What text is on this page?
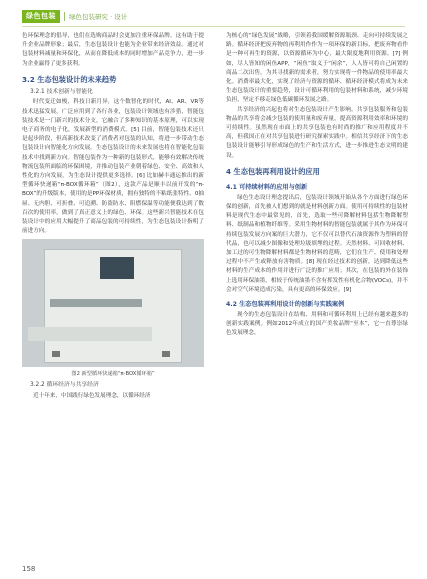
绿色包装	绿色包装研究 · 设计

色环保理念的倡导，也们在选购商品时会更加注重环保品牌。这有助于提升企业品牌形象；最后，生态包装设计也能为企业带来经济效益。通过对包装材料减量和环保化，从而在降低成本的同时增加产品竞争力，进一步为企业赢得了更多获利。

3.2 生态包装设计的未来趋势
3.2.1 技术创新与智能化

时代变迁如梭，科技日新月异，这个数智化的时代，AI、AR、VR等技术迅猛发展，广泛应用到了各行各业，包装设计领域也有涉猎，智能包装技术是一门新兴的技术分支，它融合了多种知识的基本原理，可以实现电子商务的电子化，发展新型的消费模式。[5] 目前，智能包装技术还只是起步阶段，但高新技术改变了消费者对包装的认知，将进一步带动生态包装设计向智能化方向发展。生态包装设计的未来发展也将在智能化包装技术中找到新方向。智能包装作为一种新的包装形式，能够有效解决传统物流包装所面临的环保困境，并推动包装产业朝着绿色、安全、高效和人性化的方向发展。为生态设计提供更多选择。[6] 比如赫丰通运推出的新型循环快递箱“π-BOX循环箱”（图2），这款产品是顺丰以前开发的“π-BOX”的升级版本，使用的是PP环保材质，拥有独特的不粘纸张特性、0抽屉、无内胆、可折叠、可追溯、防盗防水、阻燃保温等功能便我达到了数百次的使用率，做到了真正意义上的绿色、环保。这些新兴智能技术在包装设计中的应用大幅提升了商品包装的可持续性，为生态包装设计指明了前进方向。

图2 新型循环快递箱“π-BOX循环箱”
3.2.2 循环经济与共享经济

近十年来，中国践行绿色发展理念，以循环经济

为核心的“绿色发展”战略，引领着我国缓解资源瓶颈、走向可持续发展之路。循环经济把废弃物的再利用作作为一项环保的新目标，把废弃物看作是一种可再生的资源，以资源循环为中心，最大限度地利用资源。[7] 例如，尽人皆知的闲鱼APP，“闲鱼”取义于“闲余”，人人皆可将自己闲置的商品二次出售，为其寻找新的需求者，努力实现将一件物品的使用率最大化。消费率最大化，实现了经济与资源的循环、循环经济模式将成为未来生态包装设计的重要趋势，设计可循环利用的包装材料和系统，减少环境负担，坚定不移走绿色低碳循环发展之路。

共享经济的兴起也将对生态包装设计产生影响。共享包装服务和包装物品的共享将会减少包装的使用量和废弃量，提高资源利用效率和环境的可持续性。虽然现在市面上的共享包装也有时尚的推广和应用程度并不高，但我国正在对共享包装进行研究探索实践中。相信共享经济下的生态包装设计能够引导形成绿色的生产和生活方式，进一步推进生态文明的建设。

4 生态包装再利用设计的应用
4.1 可持续材料的应用与创新

绿色生态设计理念提出后，包装设计领域开始从各个方面进行绿色环保的创新，首先被人们想到的就是材料创新方面。使用可持续性的包装材料是现代生态中最常见的，首先，选取一些可降解材料包括生物降解塑料、纸制品和植物纤维等。采用生物材料的智能包装就属于其作为环保可持续包装发展方向案的巨大潜力，它不仅可以替代石油资源作为塑料的替代品，也可以减少图像和处理垃圾填埋的过程。天然材料、可回收材料、加工过的可生物降解材料都是生物材料的范畴，它们在生产、使用和处理过程中不产生或释放有害物质。[8] 现在经过技术的创新，达到降低这些材料的生产成本的作用并进行广泛的推广应用；其次，在包装的外在装饰上选用环保油墨，相较于传统油墨不含有挥发性有机化合物(VOCs)，并不会对空气环境造成污染，具有更高的环保效应。[9]

4.2 生态包装再利用设计的创新与实践案例

现今的生态包装设计在结构、用料和可循环利用上已经有越来越多的创新实践案例。例如2012年成立的国产美妆品牌“至本”，它一直尊崇绿色发展理念，

158
